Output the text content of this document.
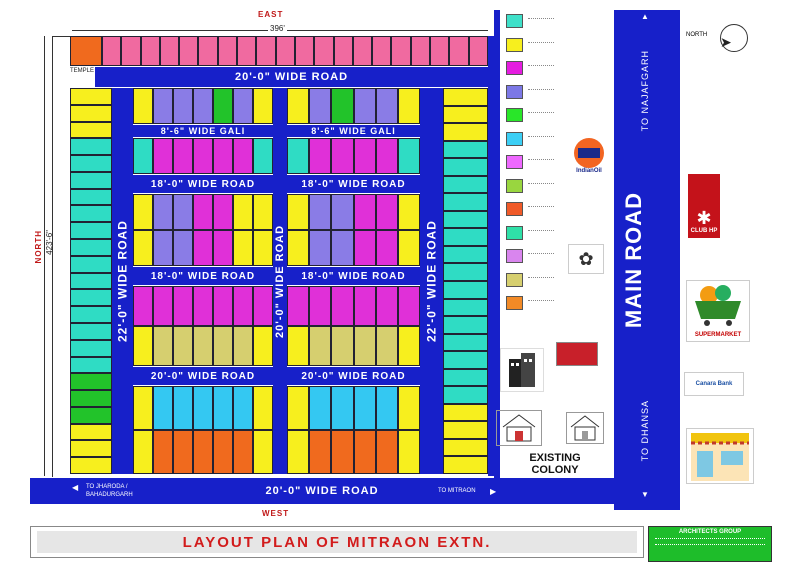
EAST
396'
NORTH 423'-6"
TEMPLE	20'-0" WIDE ROAD
8'-6" WIDE GALI
18'-0" WIDE ROAD
18'-0" WIDE ROAD
20'-0" WIDE ROAD
8'-6" WIDE GALI
18'-0" WIDE ROAD
18'-0" WIDE ROAD
20'-0" WIDE ROAD
22'-0" WIDE ROAD	20'-0" WIDE ROAD	22'-0" WIDE ROAD
20'-0" WIDE ROAD
TO JHARODA /
BAHADURGARH
TO MITRAON
◀	▶
WEST
MAIN ROAD
TO NAJAFGARH
TO DHANSA
▲
▼
IndianOil
✿
EXISTING COLONY
NORTH ➤
✱
CLUB HP
SUPERMARKET
Canara Bank
LAYOUT PLAN OF MITRAON EXTN.
ARCHITECTS GROUP
